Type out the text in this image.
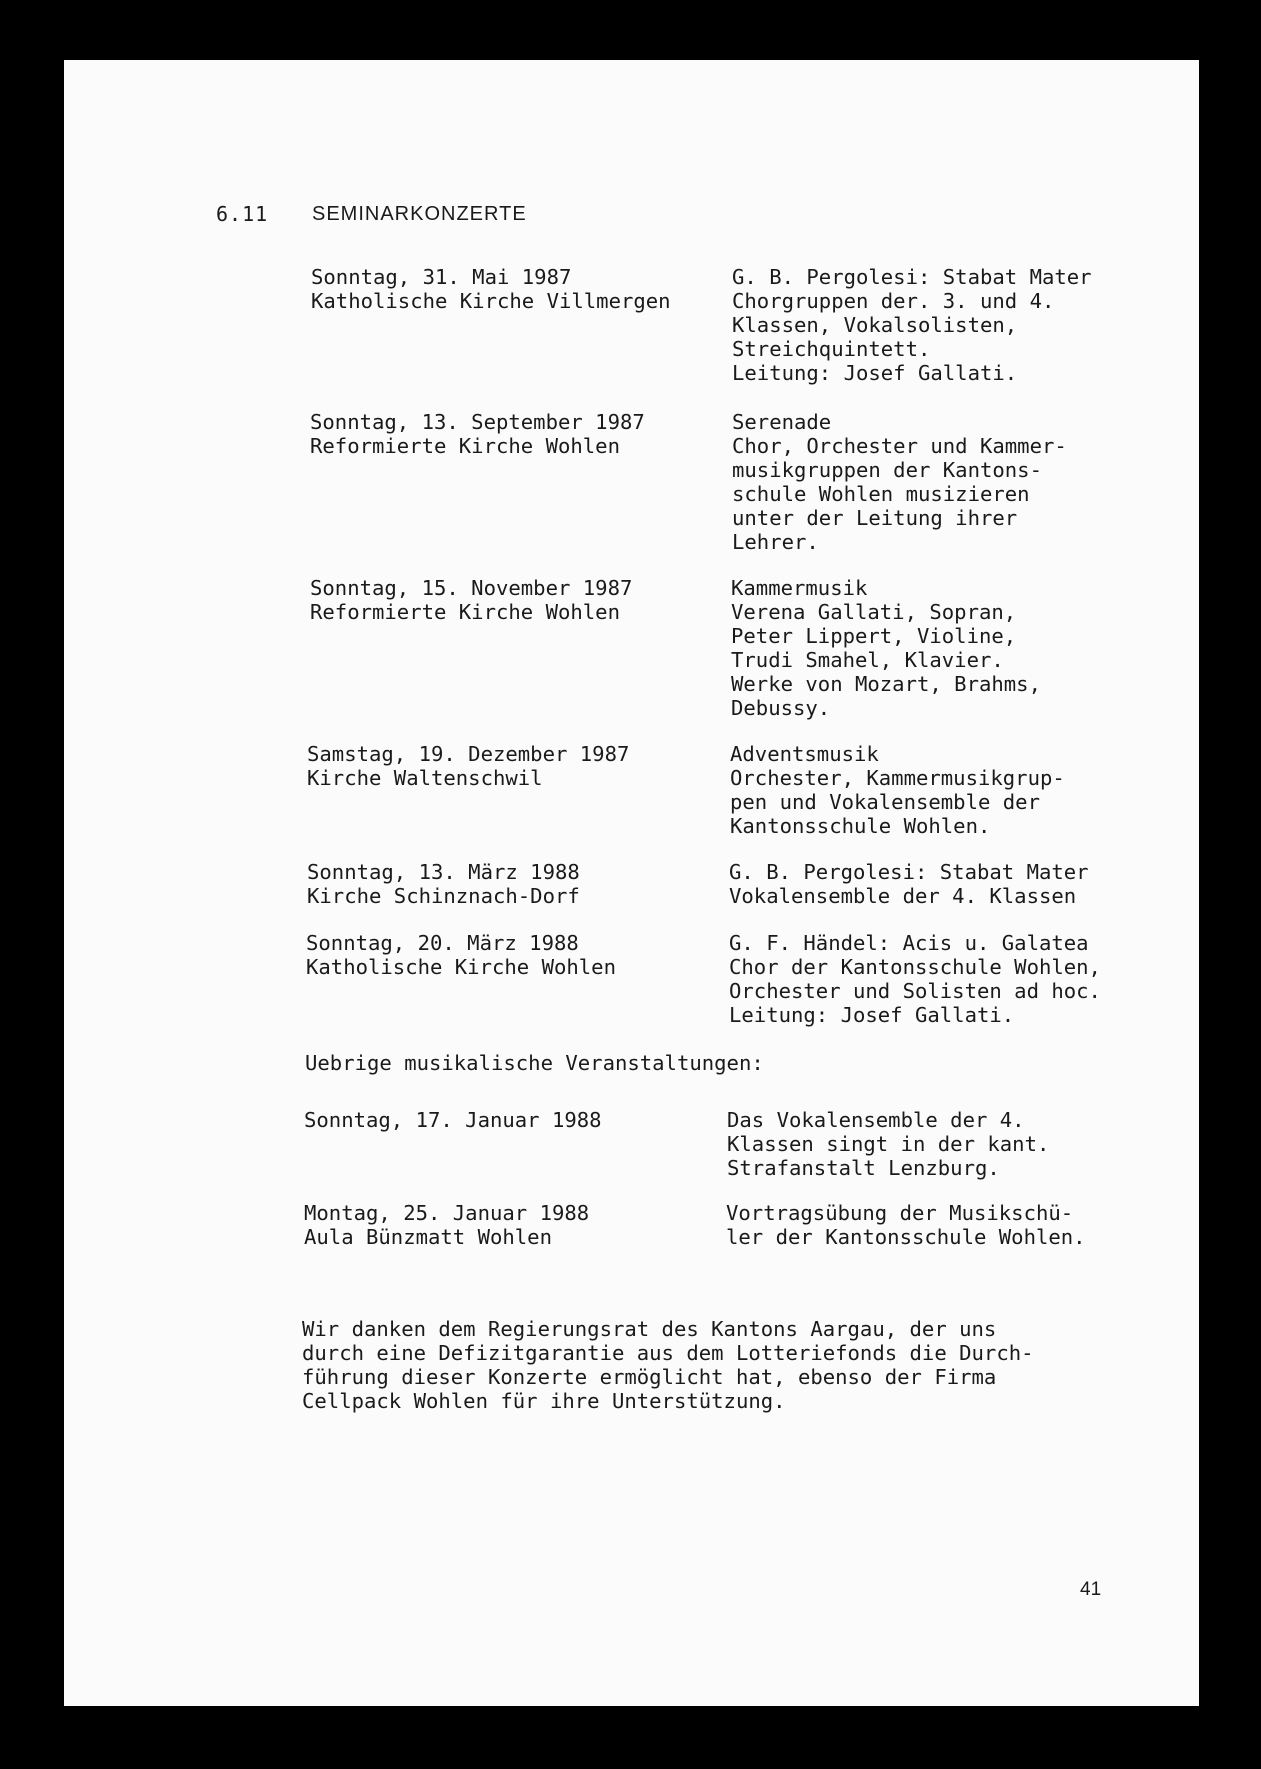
6.11 SEMINARKONZERTE
Sonntag, 31. Mai 1987
Katholische Kirche Villmergen
G. B. Pergolesi: Stabat Mater
Chorgruppen der. 3. und 4.
Klassen, Vokalsolisten,
Streichquintett.
Leitung: Josef Gallati.
Sonntag, 13. September 1987
Reformierte Kirche Wohlen
Serenade
Chor, Orchester und Kammer-
musikgruppen der Kantons-
schule Wohlen musizieren
unter der Leitung ihrer
Lehrer.
Sonntag, 15. November 1987
Reformierte Kirche Wohlen
Kammermusik
Verena Gallati, Sopran,
Peter Lippert, Violine,
Trudi Smahel, Klavier.
Werke von Mozart, Brahms,
Debussy.
Samstag, 19. Dezember 1987
Kirche Waltenschwil
Adventsmusik
Orchester, Kammermusikgrup-
pen und Vokalensemble der
Kantonsschule Wohlen.
Sonntag, 13. März 1988
Kirche Schinznach-Dorf
G. B. Pergolesi: Stabat Mater
Vokalensemble der 4. Klassen
Sonntag, 20. März 1988
Katholische Kirche Wohlen
G. F. Händel: Acis u. Galatea
Chor der Kantonsschule Wohlen,
Orchester und Solisten ad hoc.
Leitung: Josef Gallati.
Uebrige musikalische Veranstaltungen:
Sonntag, 17. Januar 1988	Das Vokalensemble der 4.
Klassen singt in der kant.
Strafanstalt Lenzburg.
Montag, 25. Januar 1988
Aula Bünzmatt Wohlen
Vortragsübung der Musikschü-
ler der Kantonsschule Wohlen.
Wir danken dem Regierungsrat des Kantons Aargau, der uns
durch eine Defizitgarantie aus dem Lotteriefonds die Durch-
führung dieser Konzerte ermöglicht hat, ebenso der Firma
Cellpack Wohlen für ihre Unterstützung.
41
